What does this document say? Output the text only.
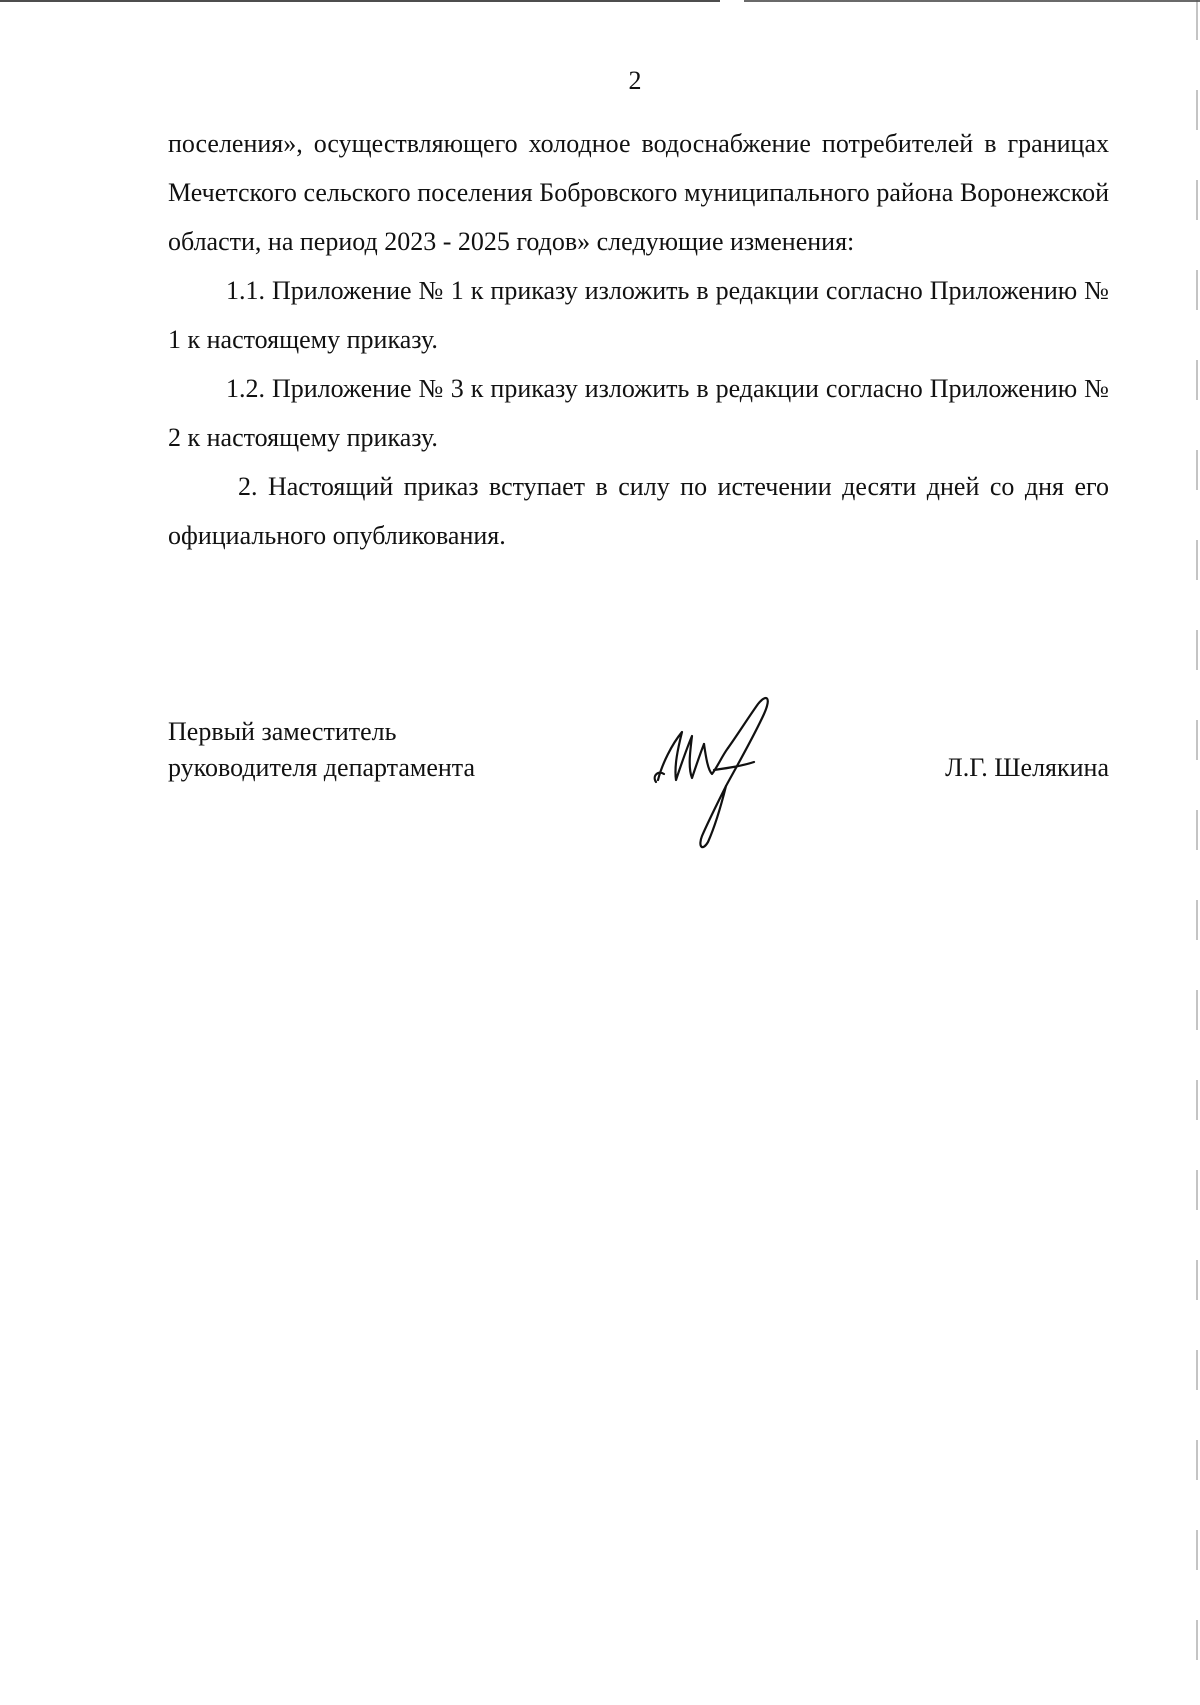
2

поселения», осуществляющего холодное водоснабжение потребителей в границах Мечетского сельского поселения Бобровского муниципального района Воронежской области, на период 2023 - 2025 годов» следующие изменения:

1.1. Приложение № 1 к приказу изложить в редакции согласно Приложению № 1 к настоящему приказу.

1.2. Приложение № 3 к приказу изложить в редакции согласно Приложению № 2 к настоящему приказу.

2. Настоящий приказ вступает в силу по истечении десяти дней со дня его официального опубликования.

Первый заместитель
руководителя департамента	Л.Г. Шелякина
